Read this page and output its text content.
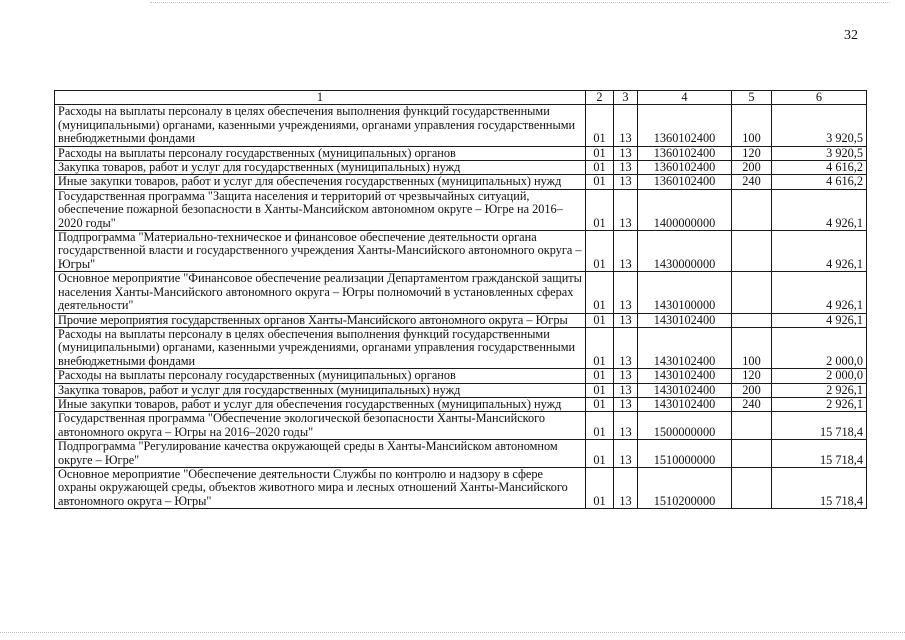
32
1	2	3	4	5	6
Расходы на выплаты персоналу в целях обеспечения выполнения функций государственными (муниципальными) органами, казенными учреждениями, органами управления государственными внебюджетными фондами	01	13	1360102400	100	3 920,5
Расходы на выплаты персоналу государственных (муниципальных) органов	01	13	1360102400	120	3 920,5
Закупка товаров, работ и услуг для государственных (муниципальных) нужд	01	13	1360102400	200	4 616,2
Иные закупки товаров, работ и услуг для обеспечения государственных (муниципальных) нужд	01	13	1360102400	240	4 616,2
Государственная программа "Защита населения и территорий от чрезвычайных ситуаций, обеспечение пожарной безопасности в Ханты-Мансийском автономном округе – Югре на 2016–2020 годы"	01	13	1400000000		4 926,1
Подпрограмма "Материально-техническое и финансовое обеспечение деятельности органа государственной власти и государственного учреждения Ханты-Мансийского автономного округа – Югры"	01	13	1430000000		4 926,1
Основное мероприятие "Финансовое обеспечение реализации Департаментом гражданской защиты населения Ханты-Мансийского автономного округа – Югры полномочий в установленных сферах деятельности"	01	13	1430100000		4 926,1
Прочие мероприятия государственных органов Ханты-Мансийского автономного округа – Югры	01	13	1430102400		4 926,1
Расходы на выплаты персоналу в целях обеспечения выполнения функций государственными (муниципальными) органами, казенными учреждениями, органами управления государственными внебюджетными фондами	01	13	1430102400	100	2 000,0
Расходы на выплаты персоналу государственных (муниципальных) органов	01	13	1430102400	120	2 000,0
Закупка товаров, работ и услуг для государственных (муниципальных) нужд	01	13	1430102400	200	2 926,1
Иные закупки товаров, работ и услуг для обеспечения государственных (муниципальных) нужд	01	13	1430102400	240	2 926,1
Государственная программа "Обеспечение экологической безопасности Ханты-Мансийского автономного округа – Югры на 2016–2020 годы"	01	13	1500000000		15 718,4
Подпрограмма "Регулирование качества окружающей среды в Ханты-Мансийском автономном округе – Югре"	01	13	1510000000		15 718,4
Основное мероприятие "Обеспечение деятельности Службы по контролю и надзору в сфере охраны окружающей среды, объектов животного мира и лесных отношений Ханты-Мансийского автономного округа – Югры"	01	13	1510200000		15 718,4
